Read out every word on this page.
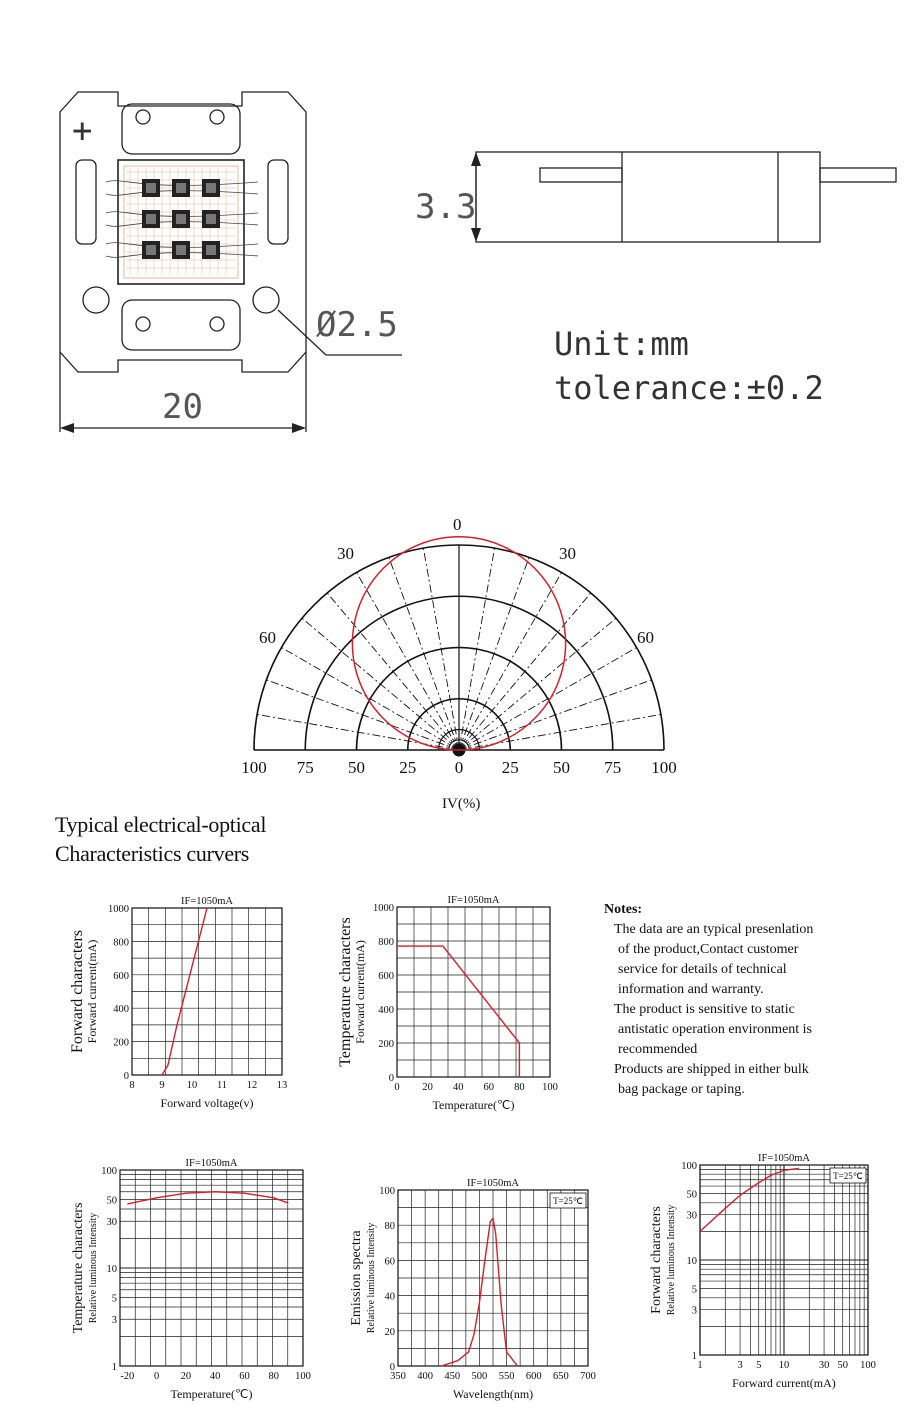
+
3.3
Ø2.5
20
Unit:mm
tolerance:±0.2
0
30	30
60	60
100	75	50	25	0	25	50	75	100
IV(%)
Typical electrical-optical
Characteristics curvers
Notes:
The data are an typical presenlation
of the product,Contact customer
service for details of technical
information and warranty.
The product is sensitive to static
antistatic operation environment is
recommended
Products are shipped in either bulk
bag package or taping.
8 9 10 11 12 13
0
200
400
600
800
1000
IF=1050mA
Forward voltage(v)
Forward characters Forward current(mA)
0 20 40 60 80 100
0
200
400
600
800
1000
IF=1050mA
Temperature(℃)
Temperature characters Forward current(mA)
-20 0 20 40 60 80 100
1
3
5
10
30
50
100
IF=1050mA
Temperature(℃)
Temperature characters Relative luminous Intensity
350 400 450 500 550 600 650 700
0
20
40
60
80
100
IF=1050mA
Wavelength(nm)
Emission spectra Relative luminous Intensity
T=25℃
1	3 5 10	30 50 100
1
3
5
10
30
50
100
IF=1050mA
Forward current(mA)
Forward characters Relative luminous Intensity
T=25℃
